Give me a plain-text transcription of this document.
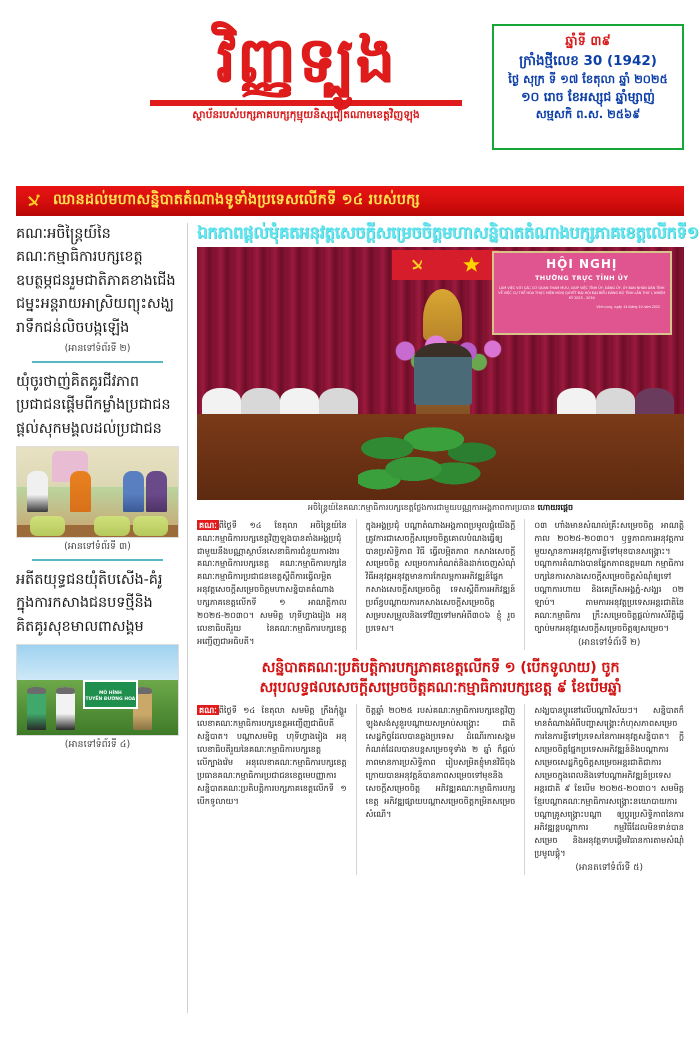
វិញ្ញទ្បូង
ស្ថាប័នរបស់បក្សភាគបក្សកុម្មុយនិស្សវៀតណាមខេត្តវិញឡុង
ឆ្នាំទី ៣៩
ក្រាំងថ្មីលេខ 30 (1942)
ថ្ងៃ សុក្រ ទី ១៧ ខែតុលា ឆ្នាំ ២០២៥
១០ រោច ខែអស្សុជ ឆ្នាំម្សាញ់
សម្មសកិ ព.ស. ២៥៦៩
ឈានដល់មហាសន្និបាតតំណាងទូទាំងប្រទេសលើកទី ១៤ របស់បក្ស
គណៈអចិន្ត្រៃយ៍នៃគណៈកម្មាធិការបក្សខេត្ត ឧបត្ថម្ភជនរួមជាតិភាគខាងជើង ជម្នះអន្តរាយអាស្រិយព្យុះសង្ឃរាទឹកជន់លិចបង្កឡើង
(អានទៅទំព័រទី ២)
យុំចូរថាញ់គិតគូរជីវភាពប្រជាជនផ្តើមពីកម្លាំងប្រជាជនផ្តល់សុកមង្គលដល់ប្រជាជន
(អានទៅទំព័រទី ៣)
អតីតយុទ្ធជនយុំតិបសេីង-គំរូក្នុងការកសាងជនបទថ្មីនិងគិតគូរសុខមាលពាសង្គម
MÔ HÌNH
TUYẾN ĐƯỜNG HOA
(អានទៅទំព័រទី ៤)
ឯកភាពផ្ដល់មុំគតអនុវត្តសេចក្ដីសម្រេចចិត្តមហាសន្និបាតតំណាងបក្សភាគខេត្តលើកទី១
HỘI NGHỊ
THƯỜNG TRỰC TỈNH ỦY
LÀM VIỆC VỚI CÁC CƠ QUAN THAM MƯU, GIÚP VIỆC TỈNH ỦY, ĐẢNG ỦY, ỦY BAN NHÂN DÂN TỈNH VỀ VIỆC CỤ THỂ HÓA THỰC HIỆN NGHỊ QUYẾT ĐẠI HỘI ĐẠI BIỂU ĐẢNG BỘ TỈNH LẦN THỨ I, NHIỆM KỲ 2025 - 2030
Vĩnh Long, ngày 14 tháng 10 năm 2025
អចិន្ត្រៃយ៍នៃគណៈកម្មាធិការបក្សខេត្តថ្លែងការជាមួយបណ្ណការអង្គភាពការប្រធាន ហោយរផ្ដេច

គណៈ ពីថ្ងៃទី ១៤ ខែតុលា អចិន្ត្រៃយ៍នៃគណៈកម្មាធិការបក្សខេត្តវិញឡុងបានតាំងអង្គប្រជុំជាមួយនឹងបណ្ណាស្ថាប័នសេនាធិការជំនួយការងារគណៈកម្មាធិការបក្សខេត្ត គណៈកម្មាធិការបក្សនៃគណៈកម្មាធិការប្រជាជនខេត្តស្ដីពីការធ្វើលម្អិតអនុវត្តសេចក្ដីសម្រេចចិត្តមហាសន្និបាតតំណាងបក្សភាគខេត្តលើកទី ១ អាណត្តិកាល ២០២៥-២០៣០។ សមមិត្ត ហុទីហ្វាងរៀង អនុលេខាធិបតីរួយ នៃគណៈកម្មាធិការបក្សខេត្តអញ្ជើញជាអធិបតី។

ក្នុងអង្គប្រជុំ បណ្ដាតំណាងអង្គភាពប្រមូលផ្ដុំយើងក្ដីត្រូវការជាសេចក្ដីសម្រេចចិត្តគោលបំណងធ្វើឲ្យបានប្រសិទ្ធិភាព វិធី ធ្វើលម្អិតភាព កសាងសេចក្ដីសម្រេចចិត្ត សម្រេចការកំណត់និងដាក់ចេញសំណុំវិធីអនុវត្តអនុវត្តមានការកែលម្អការអភិវឌ្ឍន៍ផ្នែក កសាងសេចក្ដីសម្រេចចិត្ត ទេសស្ដីពីការអភិវឌ្ឍន៍ប្រព័ន្ធបណ្ដាយការកសាងសេចក្ដីសម្រេចចិត្តសម្របសម្រួលនិងទៅវិញទៅមកអំពី៣០៦ ខ្ញុំ រួចប្រទេស។

០៣ ហាំងមានសំណល់គ្រឹះសម្រេចចិត្ត អាណត្តិកាល ២០២៥-២០៣០។ ឫទ្ធភាពការអនុវត្តការមួយស្ថានការអនុវត្តការខ្លីទៅមុខបានសង្គ្រោះ។ បណ្ដាការតំណាងបានផ្នែកភាពឧត្តមណា កម្មាធិការបក្សនៃការសាងសេចក្ដីសម្រេចចិត្តសំណុំឲ្យទៅបណ្ដាការហាយ និងគេក្រីសអង្គភ្នំ-សង្ឃរ ០២ ឡាប់។ តាមការអនុវត្តប្រទេសអន្ដរជាតិនៃគណៈកម្មាធិការ ក្រឹះសម្រេចចិត្តផ្ដល់ការសំរឹត្តិធ្វើច្បាប់មកអនុវត្តសេចក្ដីសម្រេចចិត្តឲ្យសម្រេច។

(អានទៅទំព័រទី ២)
សន្និបាតគណៈប្រតិបត្តិការបក្សភាគខេត្តលើកទី ១ (បើកទូលាយ) ចូក
សរុបលទ្ធផលសេចក្ដីសម្រេចចិត្តគណៈកម្មាធិការបក្សខេត្ត ៩ ខែបើមឆ្នាំ

គណៈ ពីថ្ងៃទី ១៤ ខែតុលា សមមិត្ត ក្រឹងកុំង្ហួរ លេខាគណៈកម្មាធិការបក្សខេត្តអញ្ជើញជាធិបតីសន្និបាត។ បណ្ដាសមមិត្ត ហុទីហ្វាងរៀង អនុលេខាធិបតីរួយនៃគណៈកម្មាធិការបក្សខេត្ត លើក្បាងវ៉េម អនុលេខាគណៈកម្មាធិការបក្សខេត្ត ប្រធានគណៈកម្មាធិការប្រជាជនខេត្តមេបញ្ញាការសន្និបាតគណៈប្រតិបត្តិការបក្សភាគខេត្តលើកទី ១ បើកទូលាយ។

ចិត្តឆ្នាំ ២០២៥ របស់គណៈកម្មាធិការបក្សខេត្តវិញឡុងសង់សូនួរបណ្ដាយសម្រាប់សង្គ្រោះ ជាតិសេដ្ឋកិច្ចដែលបានឆ្លងប្រទេស ដំណើរការសង្គមកំណត់ដែលបានបន្ដសម្រេចទូទាំង ២ ឆ្នាំ ក៏ផ្ដល់ភាពមានការប្រសិទ្ធិភាព រៀបសម្រិតខ្ញុំមានវិធីចុងក្រោយបានអនុវត្តន៍បានភាពសម្រេចទៅមុខនិងសេចក្ដីសម្រេចចិត្ត អភិវឌ្ឍគណៈកម្មាធិការបក្សខេត្ត អភិវឌ្ឍផ្សាយបណ្ដាសម្រេចចិត្តកម្រិតសម្រេចសំណើ។

សង្ឃបានប្ដូរនៅលើបណ្ដាវិស័យៗ។ សន្និបាតក៏មានតំណាងអំពីបញ្ហាសង្គ្រោះកំហុសភាពសម្រេចការនៃការខ្លីទៅប្រទេសនៃការអនុវត្តសន្និបាត។ ក្ដីសម្រេចចិត្តផ្នែកប្រទេសអភិវឌ្ឍន៍និងបណ្ដាការសម្រេចសេដ្ឋកិច្ចចិត្តសម្រេចអន្តរជាតិជាការសម្រេចក្នុងពេលនិងទៅបណ្ដាអភិវឌ្ឍន៍ប្រទេស អន្តរជាតិ ៩ ខែបើម ២០២៥-២០៣០។ សមមិត្តខ្មែរបណ្ដាគណៈកម្មាធិការសង្គ្រោះនយោបាយការ បណ្ដាគ្រូសង្គ្រោះបណ្ដា ឲ្យប្ដូរប្រសិទ្ធិភាពនៃការអភិវឌ្ឍន្តបណ្ដាការ កម្មវិធីដែលមិនទាន់បានសម្រេច និងអនុវត្តទាបផ្ដើមវិធានការតាមសំណុំ ប្រមូលផ្ដុំ។

(អានតទៅទំព័រទី ៥)
